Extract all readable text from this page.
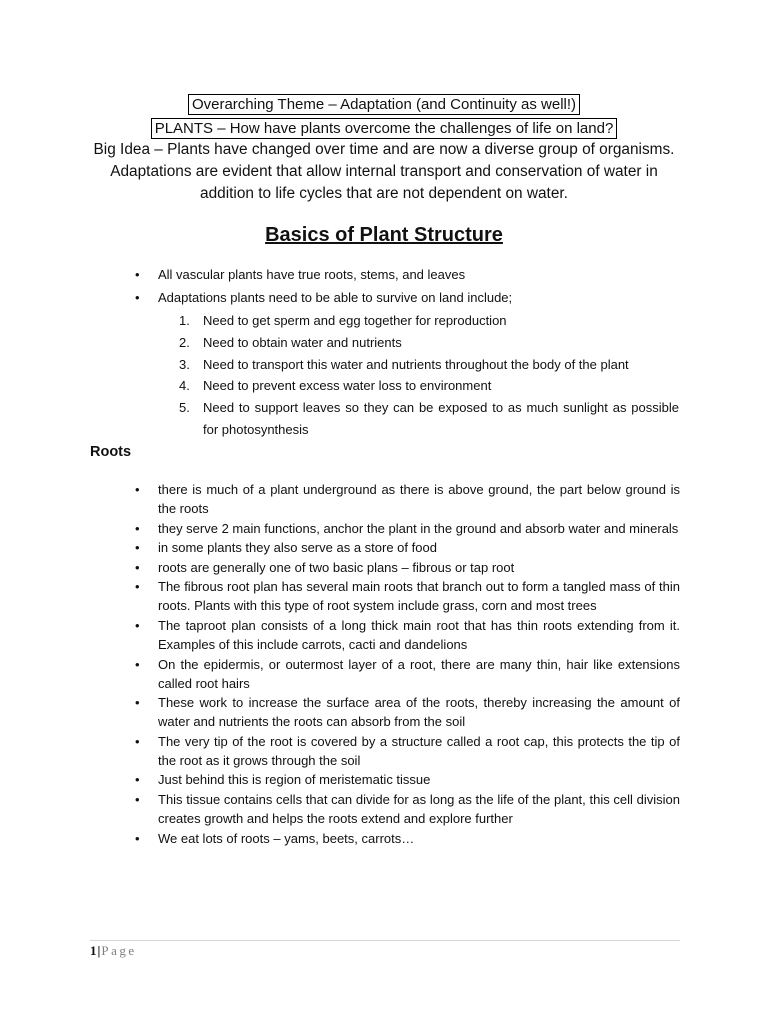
Overarching Theme – Adaptation (and Continuity as well!)
PLANTS – How have plants overcome the challenges of life on land?
Big Idea – Plants have changed over time and are now a diverse group of organisms. Adaptations are evident that allow internal transport and conservation of water in addition to life cycles that are not dependent on water.
Basics of Plant Structure
•	All vascular plants have true roots, stems, and leaves
•	Adaptations plants need to be able to survive on land include;
1. Need to get sperm and egg together for reproduction
2. Need to obtain water and nutrients
3. Need to transport this water and nutrients throughout the body of the plant
4. Need to prevent excess water loss to environment
5. Need to support leaves so they can be exposed to as much sunlight as possible for photosynthesis
Roots
•	there is much of a plant underground as there is above ground, the part below ground is the roots
•	they serve 2 main functions, anchor the plant in the ground and absorb water and minerals
•	in some plants they also serve as a store of food
•	roots are generally one of two basic plans – fibrous or tap root
•	The fibrous root plan has several main roots that branch out to form a tangled mass of thin roots. Plants with this type of root system include grass, corn and most trees
•	The taproot plan consists of a long thick main root that has thin roots extending from it. Examples of this include carrots, cacti and dandelions
•	On the epidermis, or outermost layer of a root, there are many thin, hair like extensions called root hairs
•	These work to increase the surface area of the roots, thereby increasing the amount of water and nutrients the roots can absorb from the soil
•	The very tip of the root is covered by a structure called a root cap, this protects the tip of the root as it grows through the soil
•	Just behind this is region of meristematic tissue
•	This tissue contains cells that can divide for as long as the life of the plant, this cell division creates growth and helps the roots extend and explore further
•	We eat lots of roots – yams, beets, carrots…
1|Page
